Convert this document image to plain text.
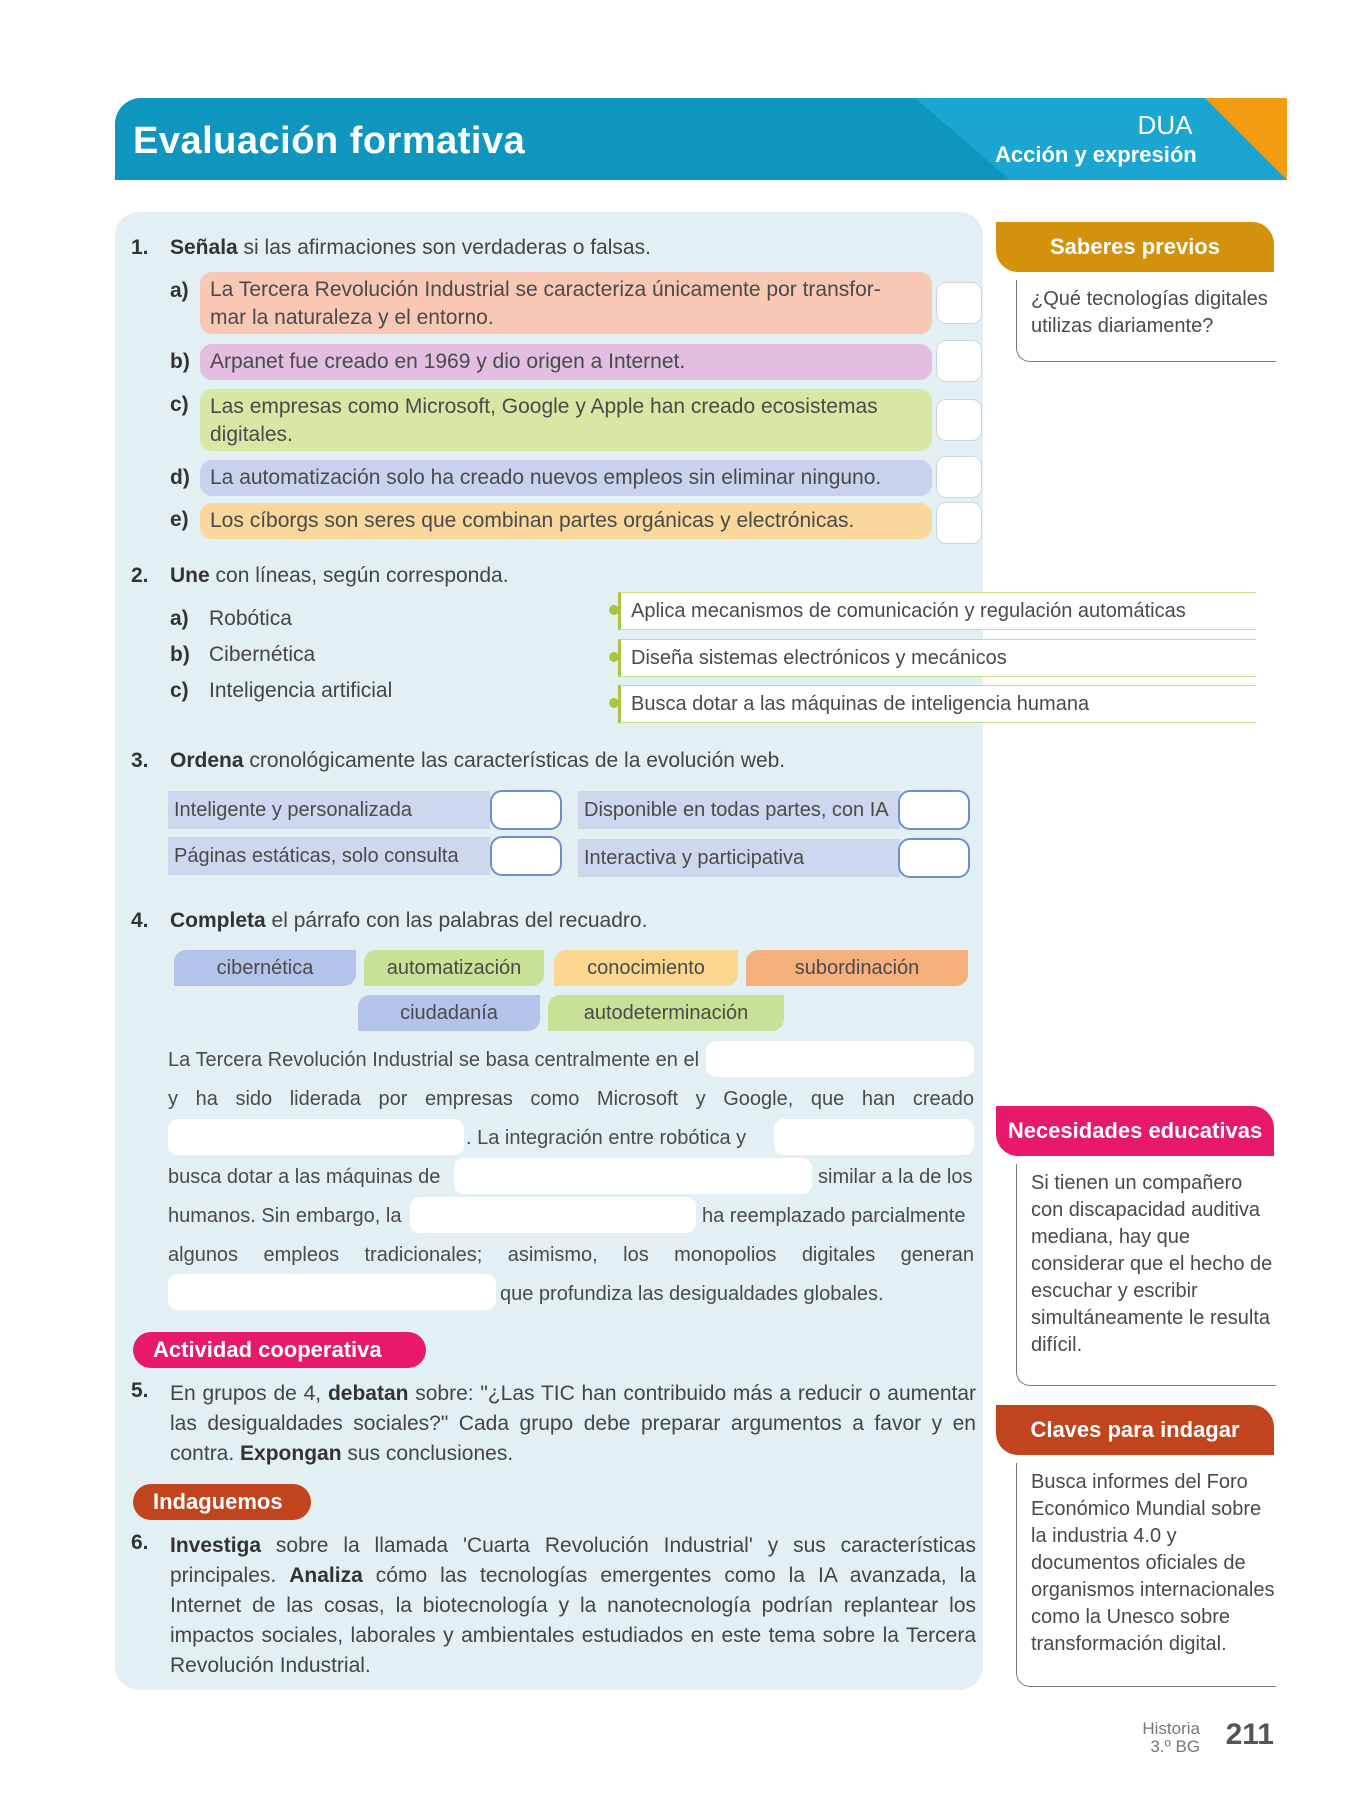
Evaluación formativa	DUA
Acción y expresión
1. Señala si las afirmaciones son verdaderas o falsas.
a) La Tercera Revolución Industrial se caracteriza únicamente por transfor-
mar la naturaleza y el entorno.
b) Arpanet fue creado en 1969 y dio origen a Internet.
c) Las empresas como Microsoft, Google y Apple han creado ecosistemas
digitales.
d) La automatización solo ha creado nuevos empleos sin eliminar ninguno.
e)	Los cíborgs son seres que combinan partes orgánicas y electrónicas.
2. Une con líneas, según corresponda.
a) Robótica
b) Cibernética
c) Inteligencia artificial
Aplica mecanismos de comunicación y regulación automáticas
Diseña sistemas electrónicos y mecánicos
Busca dotar a las máquinas de inteligencia humana
3. Ordena cronológicamente las características de la evolución web.
Inteligente y personalizada	Disponible en todas partes, con IA
Páginas estáticas, solo consulta	Interactiva y participativa
4. Completa el párrafo con las palabras del recuadro.
cibernética	automatización	conocimiento	subordinación
ciudadanía	autodeterminación
La Tercera Revolución Industrial se basa centralmente en el
y ha sido liderada por empresas como Microsoft y Google, que han creado
. La integración entre robótica y
busca dotar a las máquinas de	similar a la de los
humanos. Sin embargo, la	ha reemplazado parcialmente
algunos empleos tradicionales; asimismo, los monopolios digitales generan
que profundiza las desigualdades globales.
Actividad cooperativa
5. En grupos de 4, debatan sobre: "¿Las TIC han contribuido más a reducir o aumentar las desigualdades sociales?" Cada grupo debe preparar argumentos a favor y en contra. Expongan sus conclusiones.
Indaguemos
6. Investiga sobre la llamada 'Cuarta Revolución Industrial' y sus características principales. Analiza cómo las tecnologías emergentes como la IA avanzada, la Internet de las cosas, la biotecnología y la nanotecnología podrían replantear los impactos sociales, laborales y ambientales estudiados en este tema sobre la Tercera Revolución Industrial.
Saberes previos
¿Qué tecnologías digitales utilizas diariamente?
Necesidades educativas
Si tienen un compañero con discapacidad auditiva mediana, hay que considerar que el hecho de escuchar y escribir simultáneamente le resulta difícil.
Claves para indagar
Busca informes del Foro Económico Mundial sobre la industria 4.0 y documentos oficiales de organismos internacionales como la Unesco sobre transformación digital.
Historia
3.º BG 211
